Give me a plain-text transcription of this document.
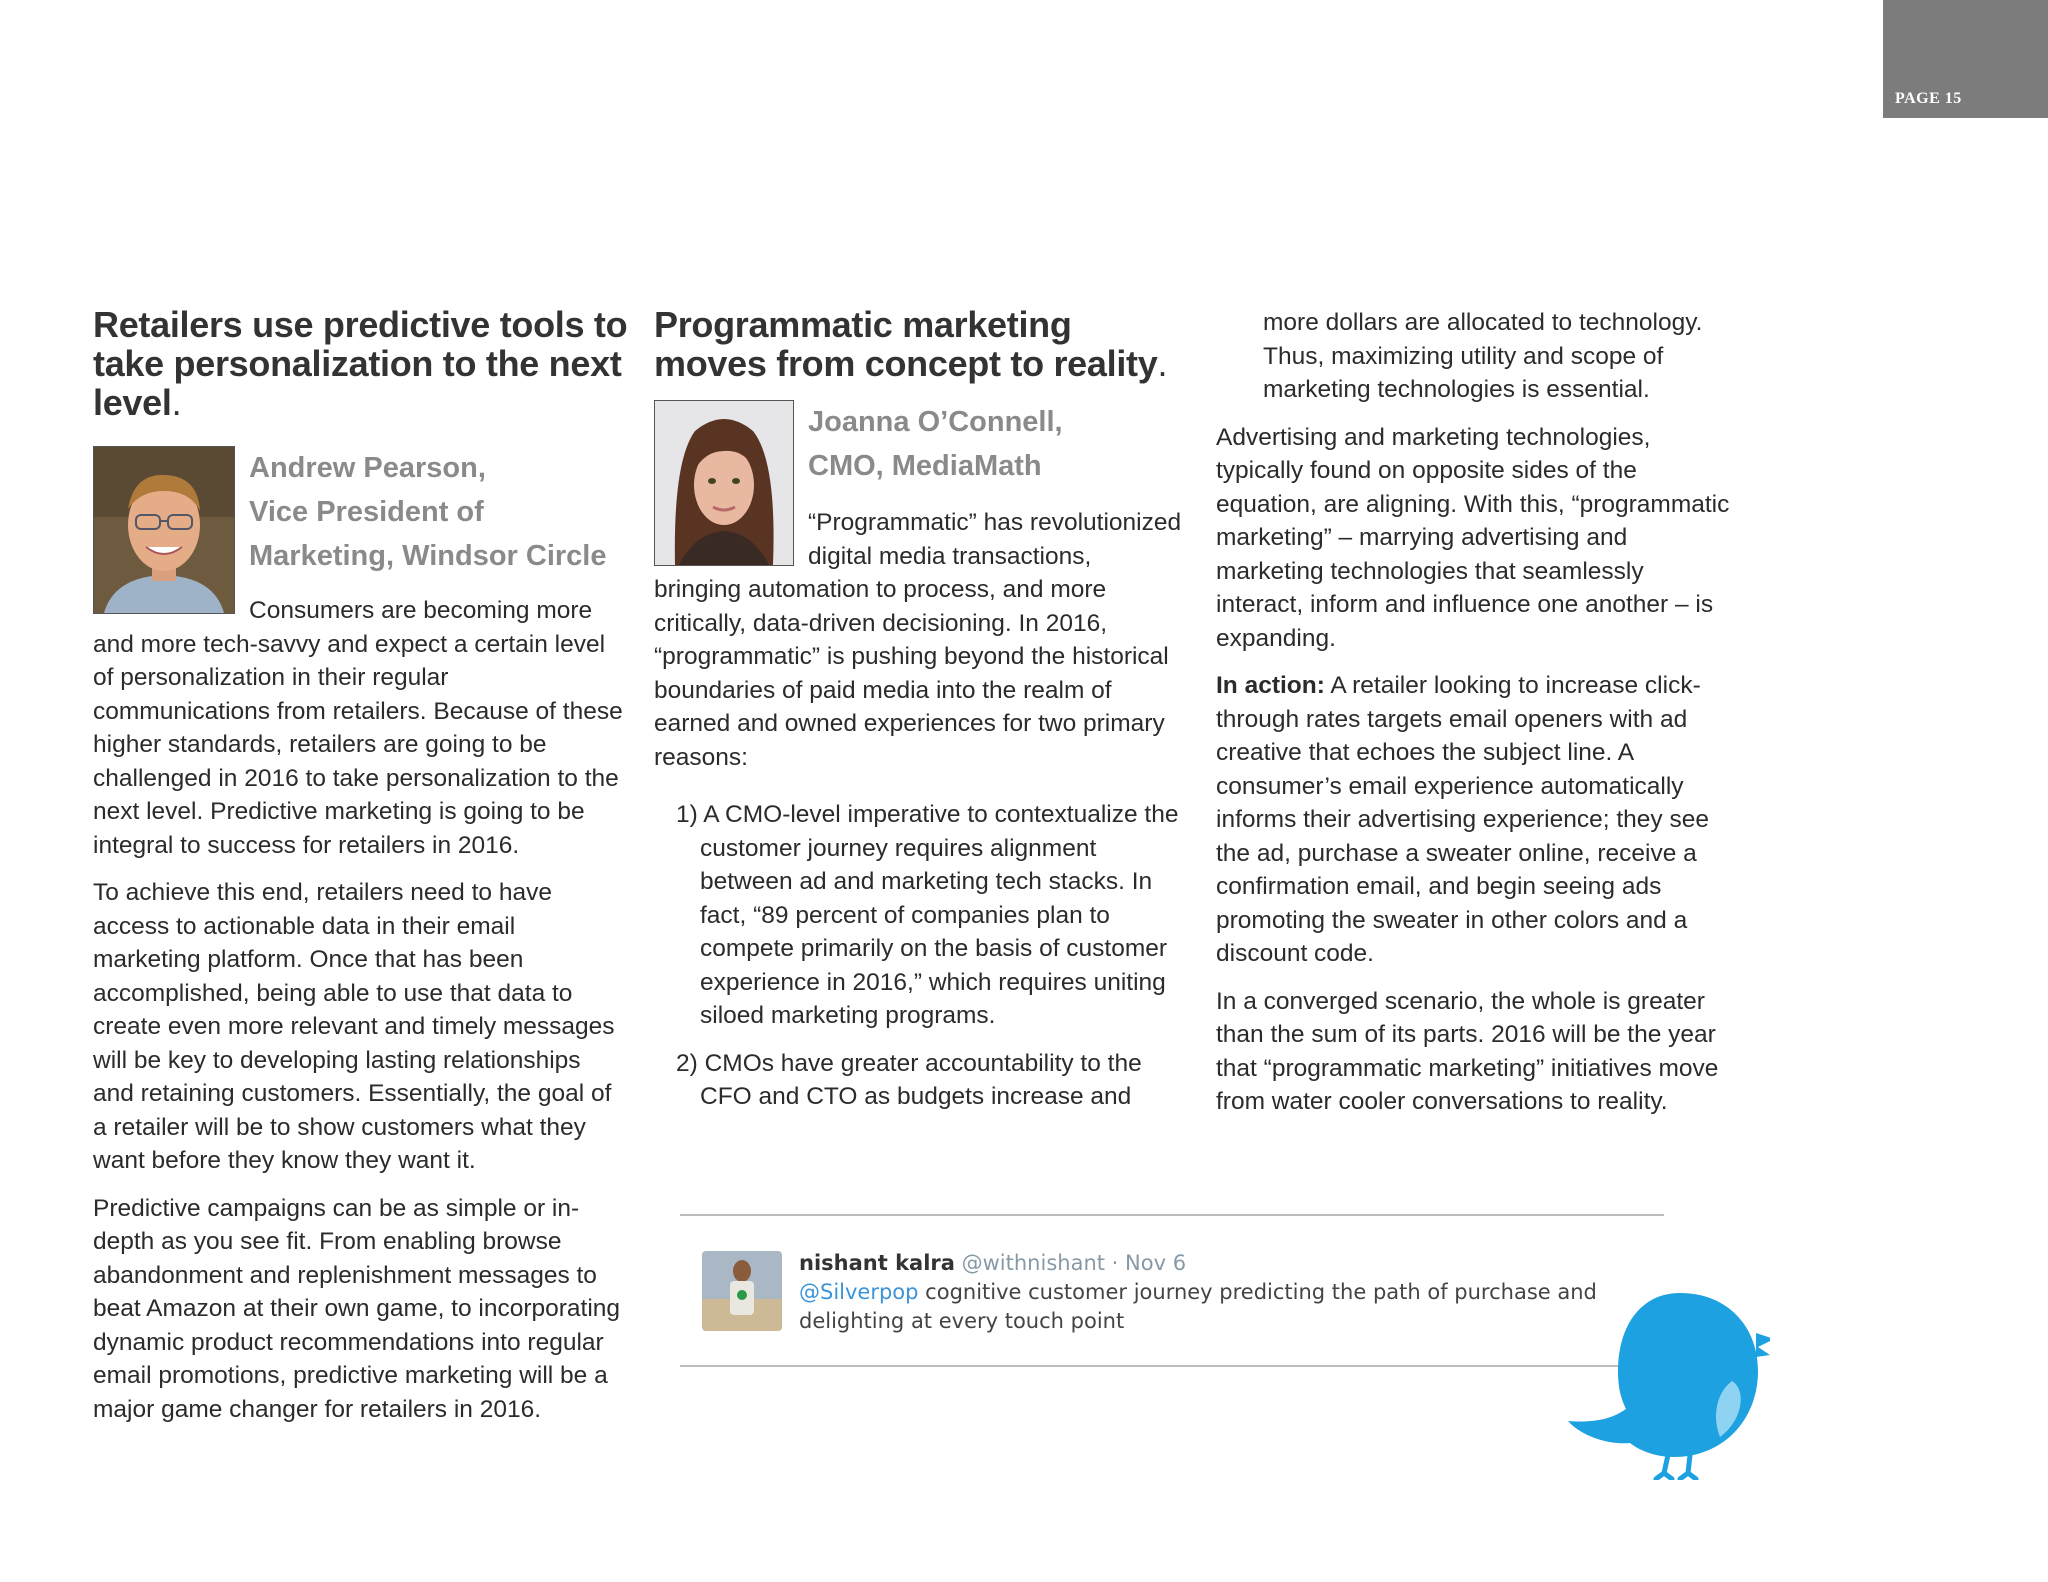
PAGE 15
Retailers use predictive tools to take personalization to the next level.
Andrew Pearson,
Vice President of
Marketing, Windsor Circle

Consumers are becoming more and more tech-savvy and expect a certain level of personalization in their regular communications from retailers. Because of these higher standards, retailers are going to be challenged in 2016 to take personalization to the next level. Predictive marketing is going to be integral to success for retailers in 2016.

To achieve this end, retailers need to have access to actionable data in their email marketing platform. Once that has been accomplished, being able to use that data to create even more relevant and timely messages will be key to developing lasting relationships and retaining customers. Essentially, the goal of a retailer will be to show customers what they want before they know they want it.

Predictive campaigns can be as simple or in-depth as you see fit. From enabling browse abandonment and replenishment messages to beat Amazon at their own game, to incorporating dynamic product recommendations into regular email promotions, predictive marketing will be a major game changer for retailers in 2016.

Programmatic marketing moves from concept to reality.
Joanna O’Connell,
CMO, MediaMath

“Programmatic” has revolutionized digital media transactions, bringing automation to process, and more critically, data-driven decisioning. In 2016, “programmatic” is pushing beyond the historical boundaries of paid media into the realm of earned and owned experiences for two primary reasons:

1) A CMO-level imperative to contextualize the customer journey requires alignment between ad and marketing tech stacks. In fact, “89 percent of companies plan to compete primarily on the basis of customer experience in 2016,” which requires uniting siloed marketing programs.
2) CMOs have greater accountability to the CFO and CTO as budgets increase and
more dollars are allocated to technology. Thus, maximizing utility and scope of marketing technologies is essential.

Advertising and marketing technologies, typically found on opposite sides of the equation, are aligning. With this, “programmatic marketing” – marrying advertising and marketing technologies that seamlessly interact, inform and influence one another – is expanding.

In action: A retailer looking to increase click-through rates targets email openers with ad creative that echoes the subject line. A consumer’s email experience automatically informs their advertising experience; they see the ad, purchase a sweater online, receive a confirmation email, and begin seeing ads promoting the sweater in other colors and a discount code.

In a converged scenario, the whole is greater than the sum of its parts. 2016 will be the year that “programmatic marketing” initiatives move from water cooler conversations to reality.

nishant kalra @withnishant · Nov 6
@Silverpop cognitive customer journey predicting the path of purchase and delighting at every touch point
